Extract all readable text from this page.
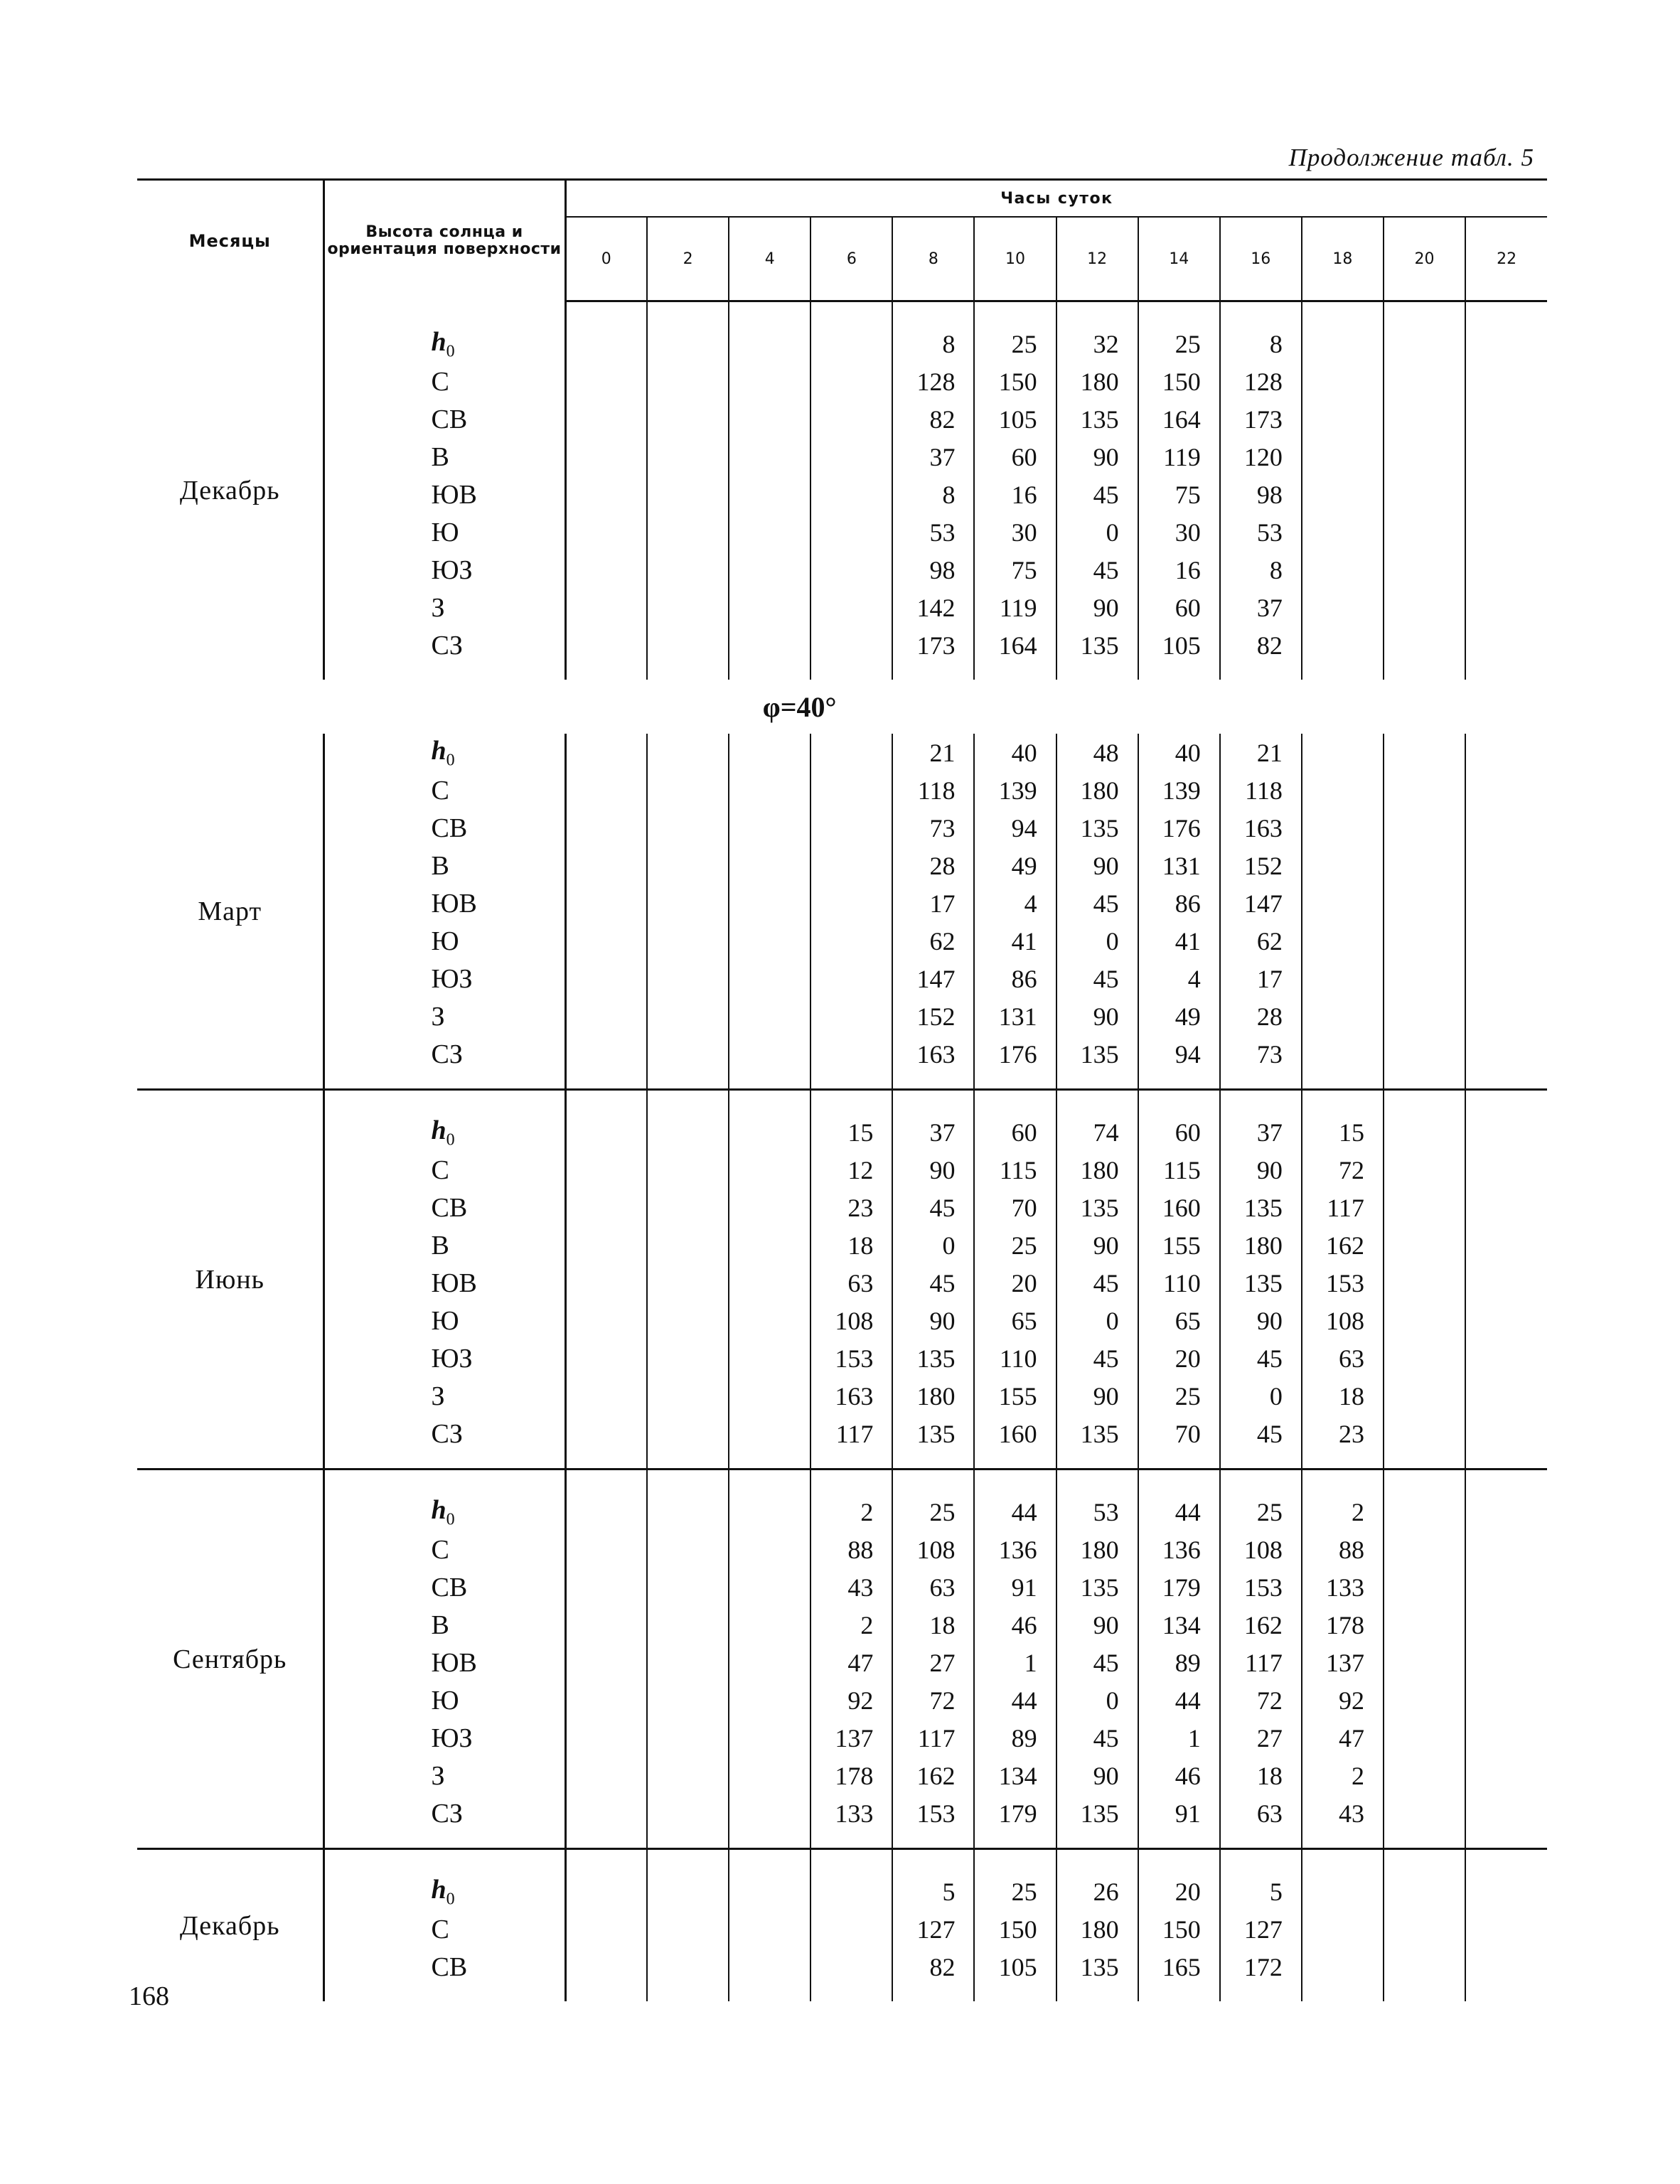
Продолжение табл. 5
Месяцы	Высота солнца и ориентация поверхности	Часы суток											
		0	2	4	6	8	10	12	14	16	18	20	22
Декабрь													
	$h_0$					8	25	32	25	8			
	С					128	150	180	150	128			
	СВ					82	105	135	164	173			
	В					37	60	90	119	120			
	ЮВ					8	16	45	75	98			
	Ю					53	30	0	30	53			
	ЮЗ					98	75	45	16	8			
	З					142	119	90	60	37			
	СЗ					173	164	135	105	82			

φ=40°													
Март	$h_0$					21	40	48	40	21			
	С					118	139	180	139	118			
	СВ					73	94	135	176	163			
	В					28	49	90	131	152			
	ЮВ					17	4	45	86	147			
	Ю					62	41	0	41	62			
	ЮЗ					147	86	45	4	17			
	З					152	131	90	49	28			
	СЗ					163	176	135	94	73			

Июнь													
	$h_0$				15	37	60	74	60	37	15		
	С				12	90	115	180	115	90	72		
	СВ				23	45	70	135	160	135	117		
	В				18	0	25	90	155	180	162		
	ЮВ				63	45	20	45	110	135	153		
	Ю				108	90	65	0	65	90	108		
	ЮЗ				153	135	110	45	20	45	63		
	З				163	180	155	90	25	0	18		
	СЗ				117	135	160	135	70	45	23		

Сентябрь													
	$h_0$				2	25	44	53	44	25	2		
	С				88	108	136	180	136	108	88		
	СВ				43	63	91	135	179	153	133		
	В				2	18	46	90	134	162	178		
	ЮВ				47	27	1	45	89	117	137		
	Ю				92	72	44	0	44	72	92		
	ЮЗ				137	117	89	45	1	27	47		
	З				178	162	134	90	46	18	2		
	СЗ				133	153	179	135	91	63	43		

Декабрь													
	$h_0$					5	25	26	20	5			
	С					127	150	180	150	127			
	СВ					82	105	135	165	172			

168
